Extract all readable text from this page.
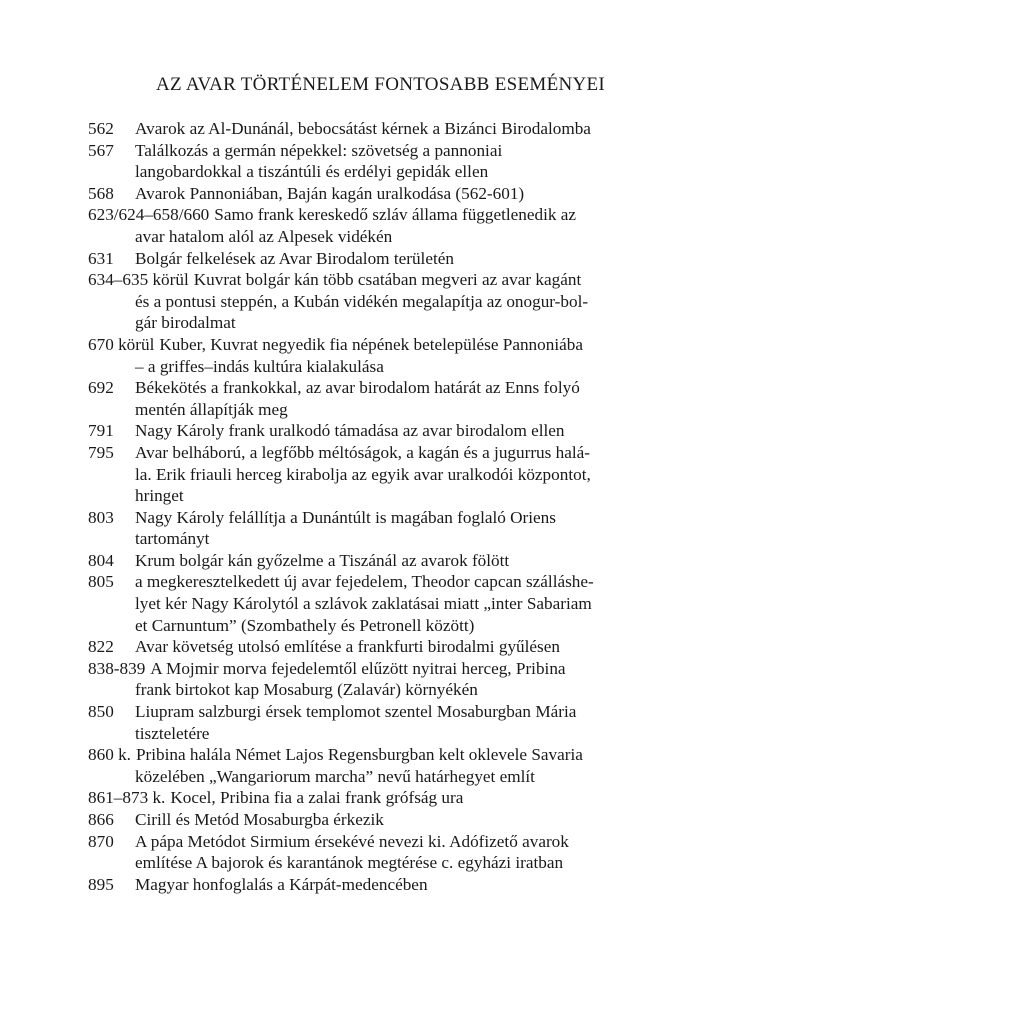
AZ AVAR TÖRTÉNELEM FONTOSABB ESEMÉNYEI
562 Avarok az Al-Dunánál, bebocsátást kérnek a Bizánci Birodalomba
567 Találkozás a germán népekkel: szövetség a pannoniai
langobardokkal a tiszántúli és erdélyi gepidák ellen
568 Avarok Pannoniában, Baján kagán uralkodása (562-601)
623/624–658/660 Samo frank kereskedő szláv állama függetlenedik az
avar hatalom alól az Alpesek vidékén
631 Bolgár felkelések az Avar Birodalom területén
634–635 körül Kuvrat bolgár kán több csatában megveri az avar kagánt
és a pontusi steppén, a Kubán vidékén megalapítja az onogur-bol-
gár birodalmat
670 körül Kuber, Kuvrat negyedik fia népének betelepülése Pannoniába
– a griffes–indás kultúra kialakulása
692 Békekötés a frankokkal, az avar birodalom határát az Enns folyó
mentén állapítják meg
791 Nagy Károly frank uralkodó támadása az avar birodalom ellen
795 Avar belháború, a legfőbb méltóságok, a kagán és a jugurrus halá-
la. Erik friauli herceg kirabolja az egyik avar uralkodói központot,
hringet
803 Nagy Károly felállítja a Dunántúlt is magában foglaló Oriens
tartományt
804 Krum bolgár kán győzelme a Tiszánál az avarok fölött
805 a megkeresztelkedett új avar fejedelem, Theodor capcan szálláshe-
lyet kér Nagy Károlytól a szlávok zaklatásai miatt „inter Sabariam
et Carnuntum” (Szombathely és Petronell között)
822 Avar követség utolsó említése a frankfurti birodalmi gyűlésen
838-839 A Mojmir morva fejedelemtől elűzött nyitrai herceg, Pribina
frank birtokot kap Mosaburg (Zalavár) környékén
850 Liupram salzburgi érsek templomot szentel Mosaburgban Mária
tiszteletére
860 k. Pribina halála Német Lajos Regensburgban kelt oklevele Savaria
közelében „Wangariorum marcha” nevű határhegyet említ
861–873 k. Kocel, Pribina fia a zalai frank grófság ura
866 Cirill és Metód Mosaburgba érkezik
870 A pápa Metódot Sirmium érsekévé nevezi ki. Adófizető avarok
említése A bajorok és karantánok megtérése c. egyházi iratban
895 Magyar honfoglalás a Kárpát-medencében
